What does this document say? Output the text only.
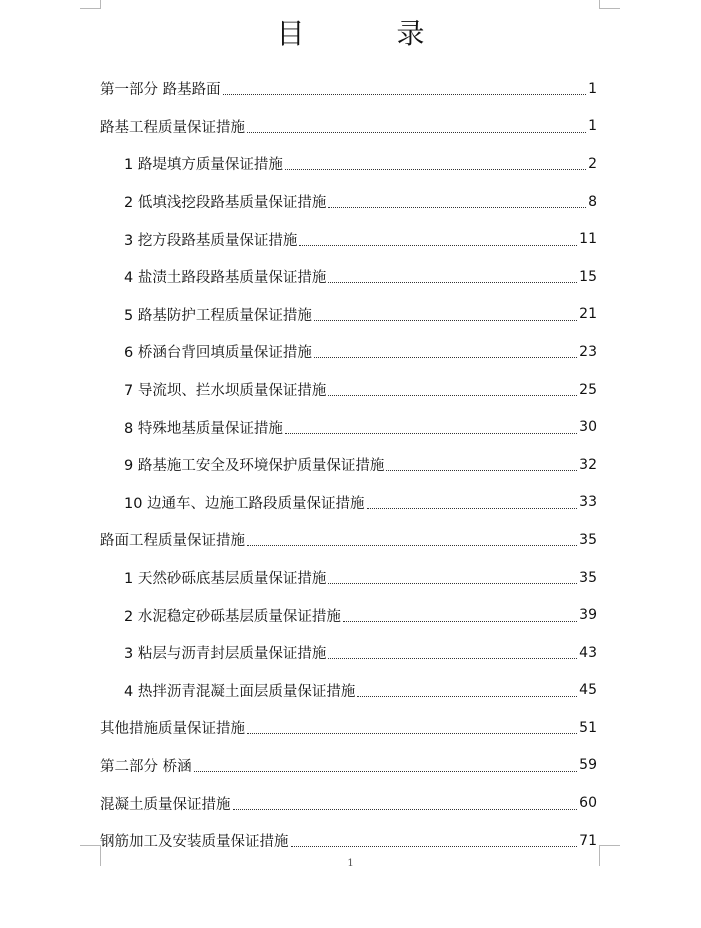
目　录
第一部分 路基路面	1
路基工程质量保证措施	1
1 路堤填方质量保证措施	2
2 低填浅挖段路基质量保证措施	8
3 挖方段路基质量保证措施	11
4 盐渍土路段路基质量保证措施	15
5 路基防护工程质量保证措施	21
6 桥涵台背回填质量保证措施	23
7 导流坝、拦水坝质量保证措施	25
8 特殊地基质量保证措施	30
9 路基施工安全及环境保护质量保证措施	32
10 边通车、边施工路段质量保证措施	33
路面工程质量保证措施	35
1 天然砂砾底基层质量保证措施	35
2 水泥稳定砂砾基层质量保证措施	39
3 粘层与沥青封层质量保证措施	43
4 热拌沥青混凝土面层质量保证措施	45
其他措施质量保证措施	51
第二部分 桥涵	59
混凝土质量保证措施	60
钢筋加工及安装质量保证措施	71
1
